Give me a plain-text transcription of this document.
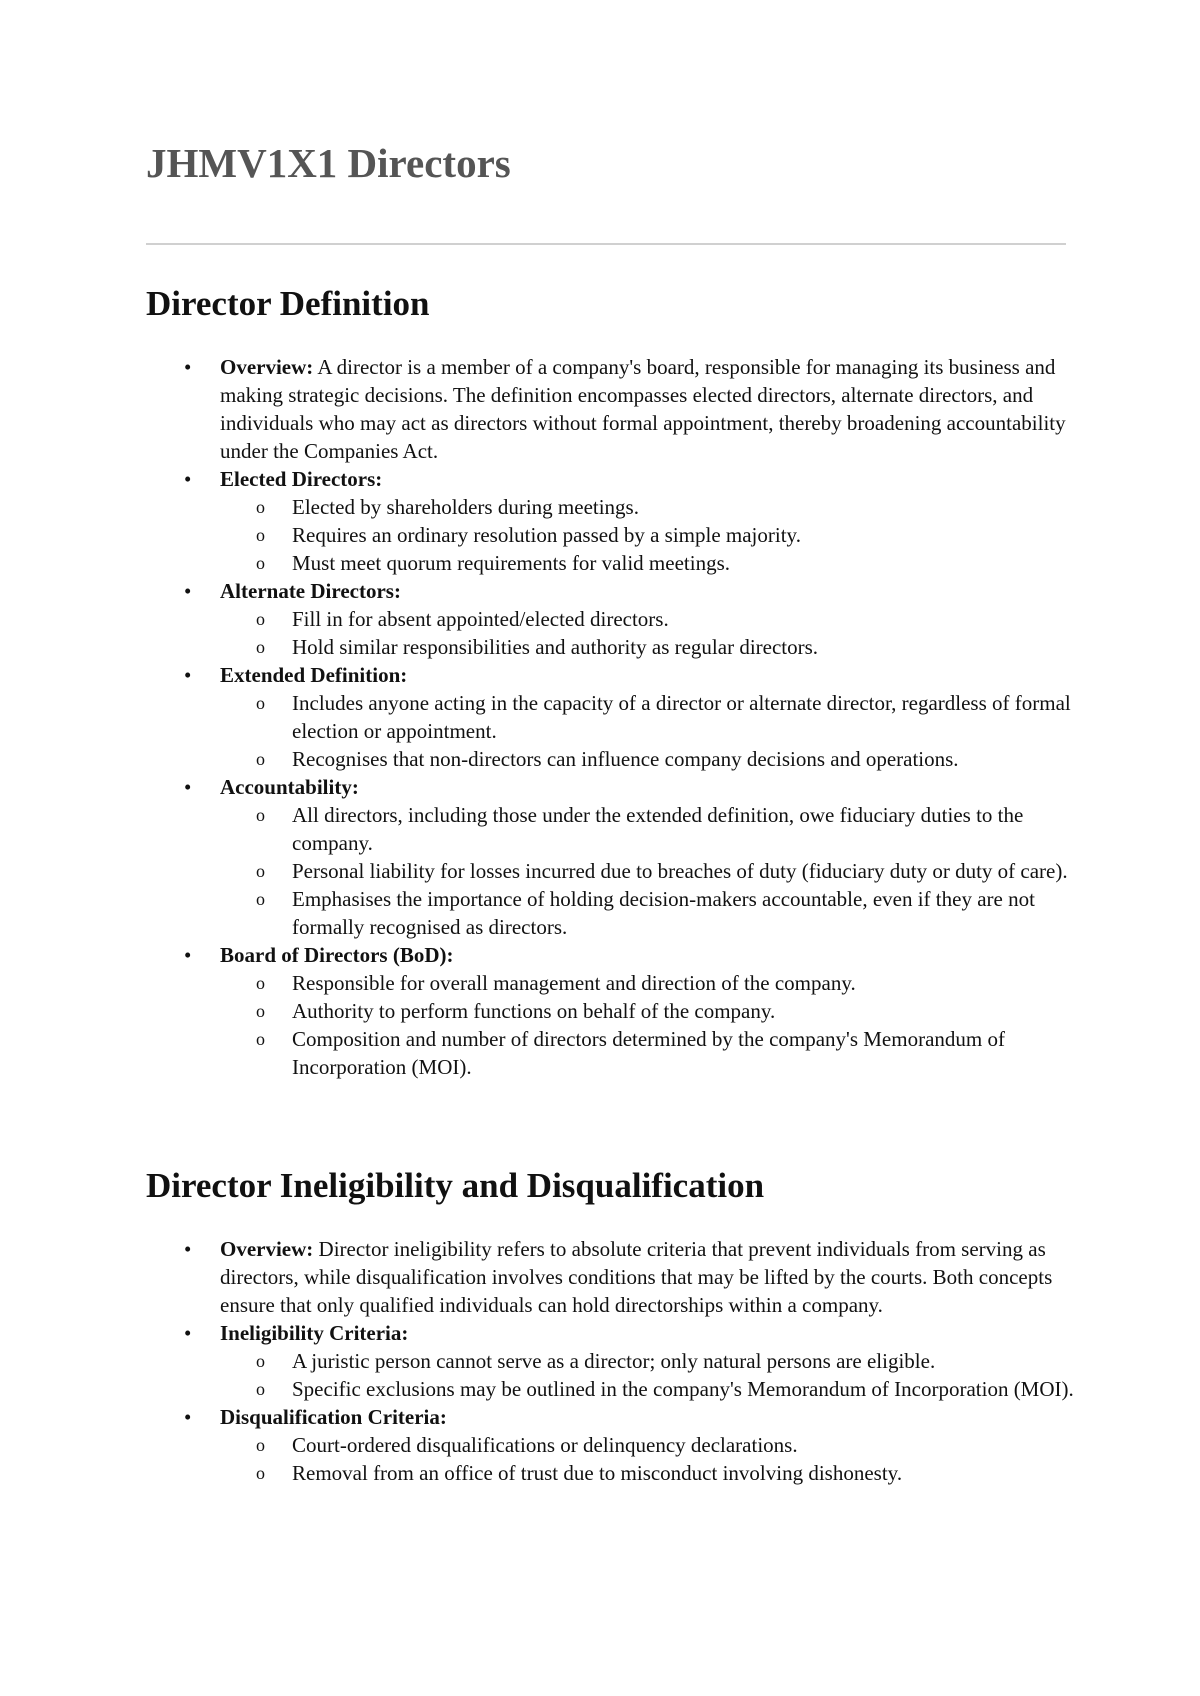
JHMV1X1 Directors
Director Definition
• Overview: A director is a member of a company's board, responsible for managing its business and making strategic decisions. The definition encompasses elected directors, alternate directors, and individuals who may act as directors without formal appointment, thereby broadening accountability under the Companies Act.
• Elected Directors:
o Elected by shareholders during meetings.
o Requires an ordinary resolution passed by a simple majority.
o Must meet quorum requirements for valid meetings.
• Alternate Directors:
o Fill in for absent appointed/elected directors.
o Hold similar responsibilities and authority as regular directors.
• Extended Definition:
o Includes anyone acting in the capacity of a director or alternate director, regardless of formal election or appointment.
o Recognises that non-directors can influence company decisions and operations.
• Accountability:
o All directors, including those under the extended definition, owe fiduciary duties to the company.
o Personal liability for losses incurred due to breaches of duty (fiduciary duty or duty of care).
o Emphasises the importance of holding decision-makers accountable, even if they are not formally recognised as directors.
• Board of Directors (BoD):
o Responsible for overall management and direction of the company.
o Authority to perform functions on behalf of the company.
o Composition and number of directors determined by the company's Memorandum of Incorporation (MOI).
Director Ineligibility and Disqualification
• Overview: Director ineligibility refers to absolute criteria that prevent individuals from serving as directors, while disqualification involves conditions that may be lifted by the courts. Both concepts ensure that only qualified individuals can hold directorships within a company.
• Ineligibility Criteria:
o A juristic person cannot serve as a director; only natural persons are eligible.
o Specific exclusions may be outlined in the company's Memorandum of Incorporation (MOI).
• Disqualification Criteria:
o Court-ordered disqualifications or delinquency declarations.
o Removal from an office of trust due to misconduct involving dishonesty.
